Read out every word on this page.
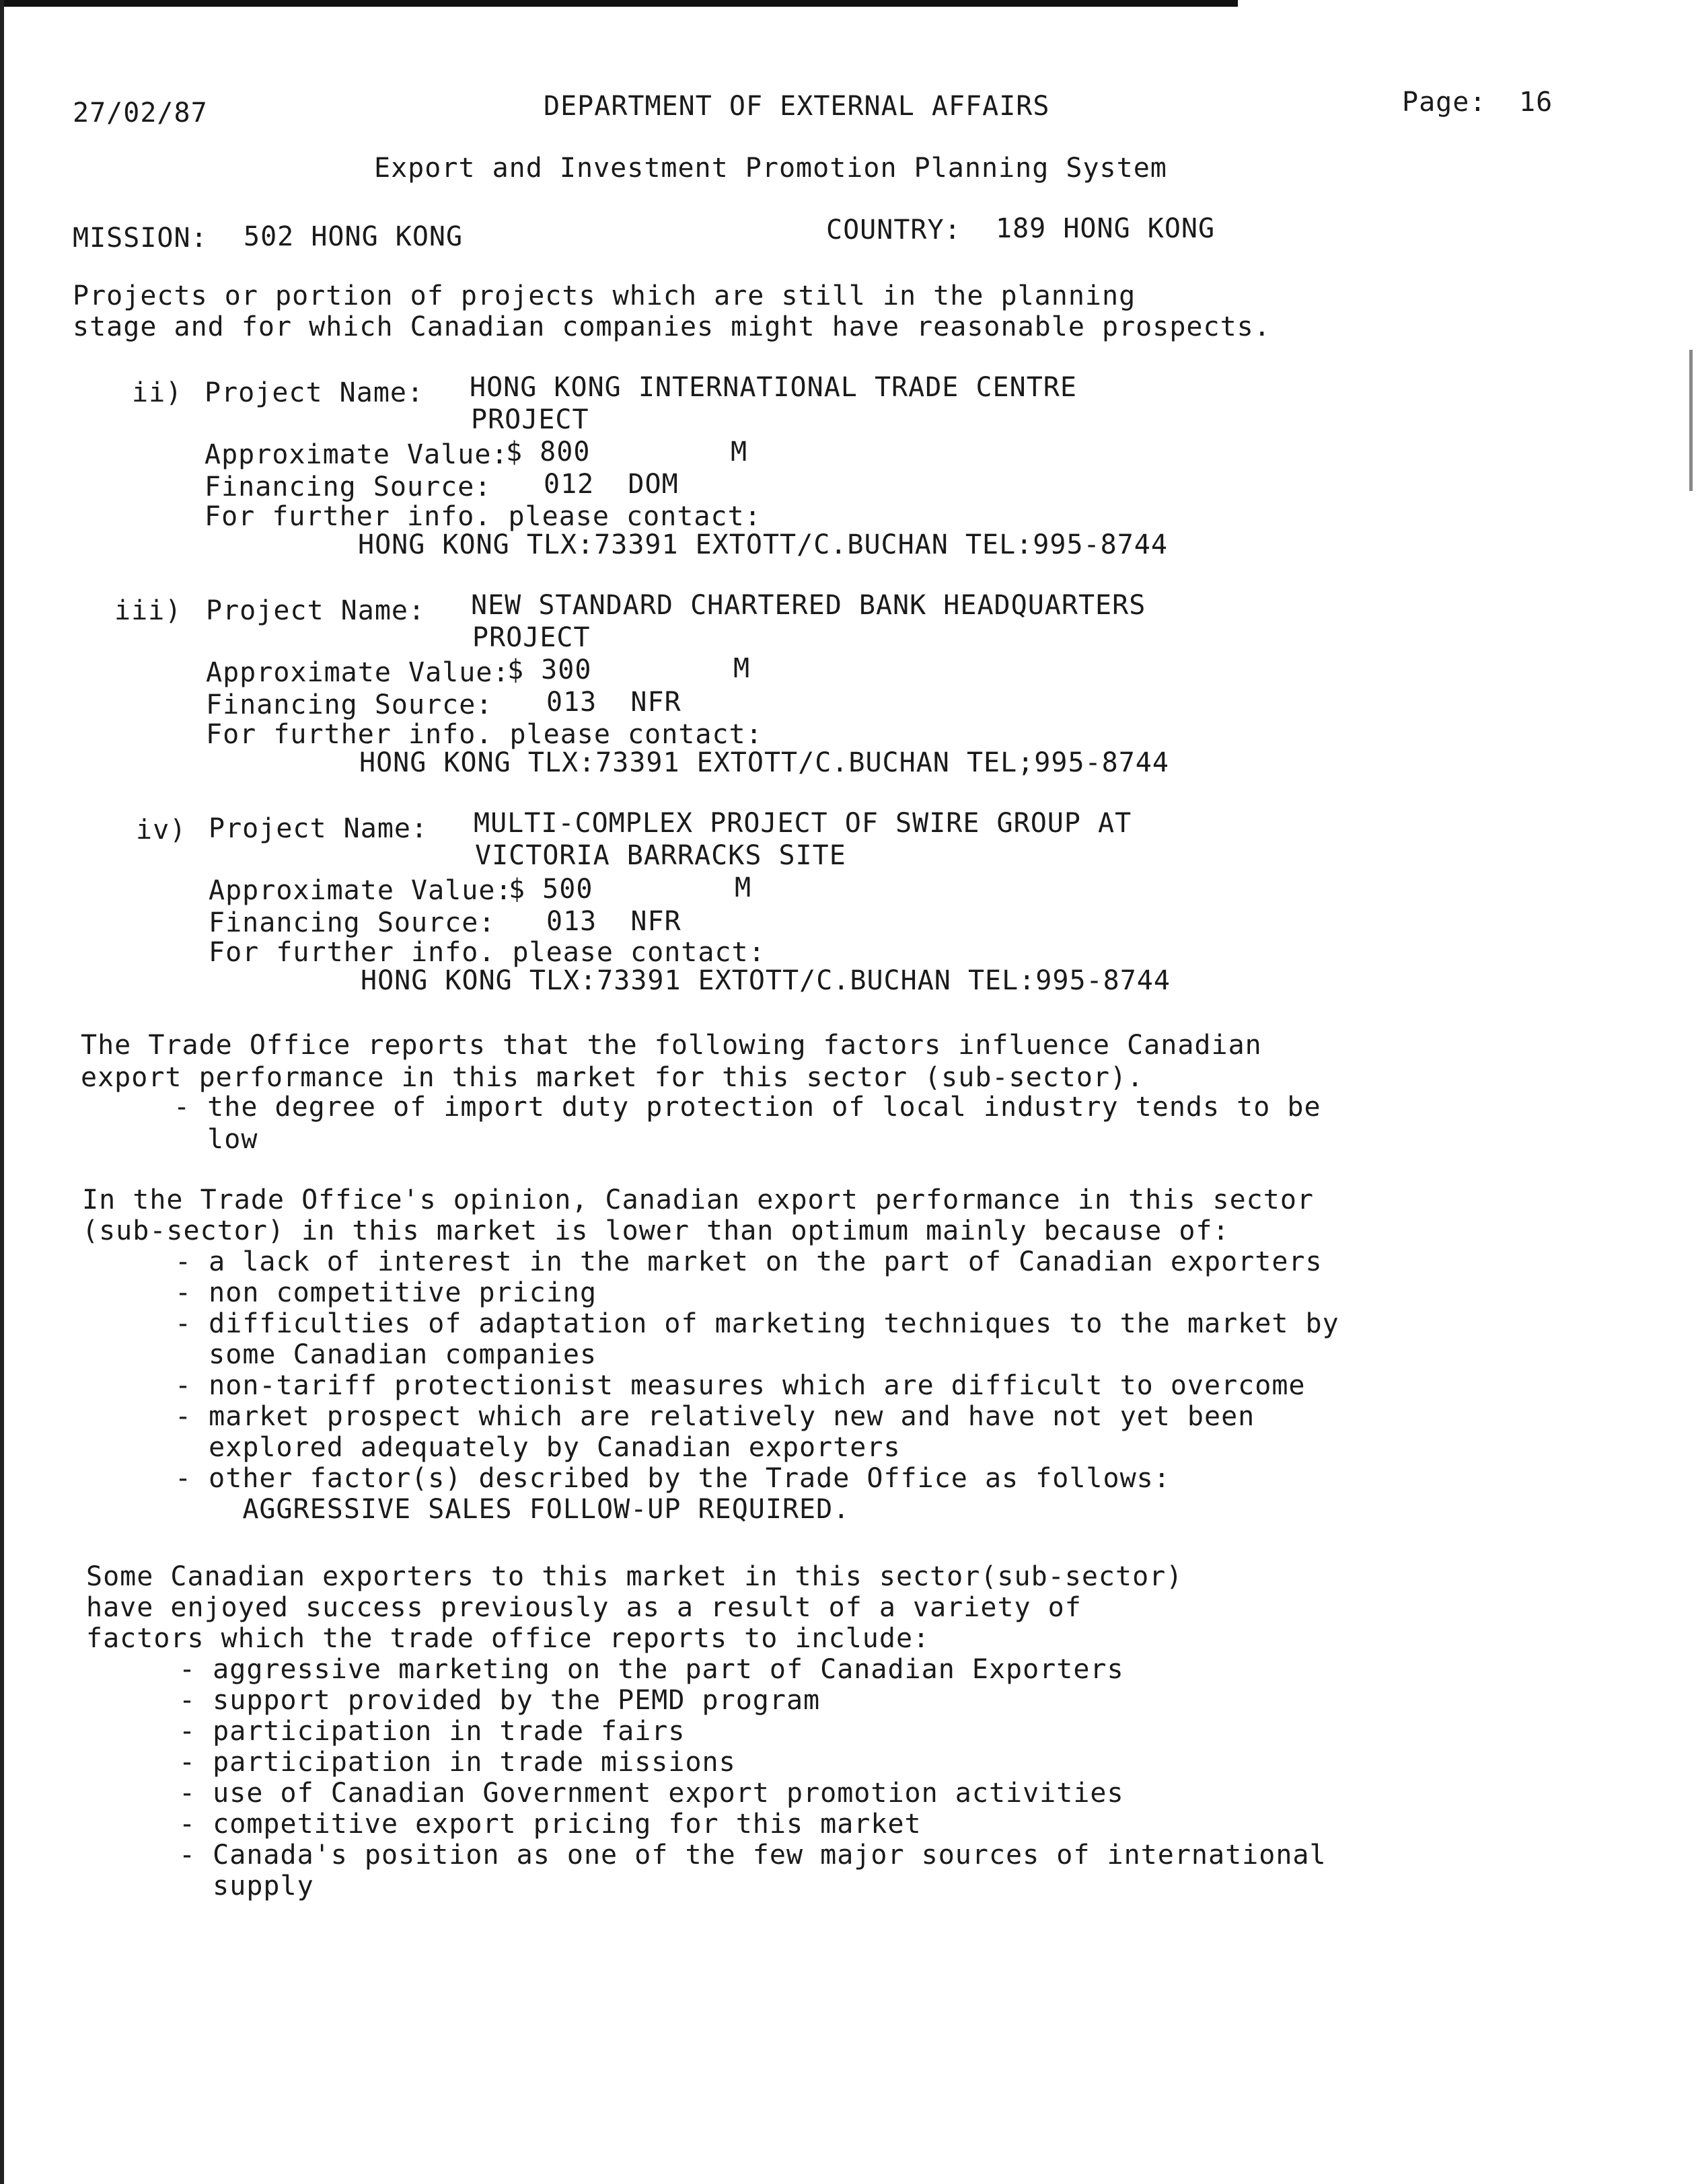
27/02/87	DEPARTMENT OF EXTERNAL AFFAIRS	Page: 16
Export and Investment Promotion Planning System
MISSION: 502 HONG KONG	COUNTRY: 189 HONG KONG
Projects or portion of projects which are still in the planning
stage and for which Canadian companies might have reasonable prospects.
ii) Project Name: HONG KONG INTERNATIONAL TRADE CENTRE
PROJECT
Approximate Value:
$ 800	M
Financing Source: 012  DOM
For further info. please contact:
HONG KONG TLX:73391 EXTOTT/C.BUCHAN TEL:995-8744
iii) Project Name: NEW STANDARD CHARTERED BANK HEADQUARTERS
PROJECT
Approximate Value:
$ 300	M
Financing Source: 013  NFR
For further info. please contact:
HONG KONG TLX:73391 EXTOTT/C.BUCHAN TEL;995-8744
iv) Project Name: MULTI-COMPLEX PROJECT OF SWIRE GROUP AT
VICTORIA BARRACKS SITE
Approximate Value:
$ 500	M
Financing Source: 013  NFR
For further info. please contact:
HONG KONG TLX:73391 EXTOTT/C.BUCHAN TEL:995-8744
The Trade Office reports that the following factors influence Canadian
export performance in this market for this sector (sub-sector).
- the degree of import duty protection of local industry tends to be
low
In the Trade Office's opinion, Canadian export performance in this sector
(sub-sector) in this market is lower than optimum mainly because of:
- a lack of interest in the market on the part of Canadian exporters
- non competitive pricing
- difficulties of adaptation of marketing techniques to the market by
some Canadian companies
- non-tariff protectionist measures which are difficult to overcome
- market prospect which are relatively new and have not yet been
explored adequately by Canadian exporters
- other factor(s) described by the Trade Office as follows:
AGGRESSIVE SALES FOLLOW-UP REQUIRED.
Some Canadian exporters to this market in this sector(sub-sector)
have enjoyed success previously as a result of a variety of
factors which the trade office reports to include:
- aggressive marketing on the part of Canadian Exporters
- support provided by the PEMD program
- participation in trade fairs
- participation in trade missions
- use of Canadian Government export promotion activities
- competitive export pricing for this market
- Canada's position as one of the few major sources of international
supply
